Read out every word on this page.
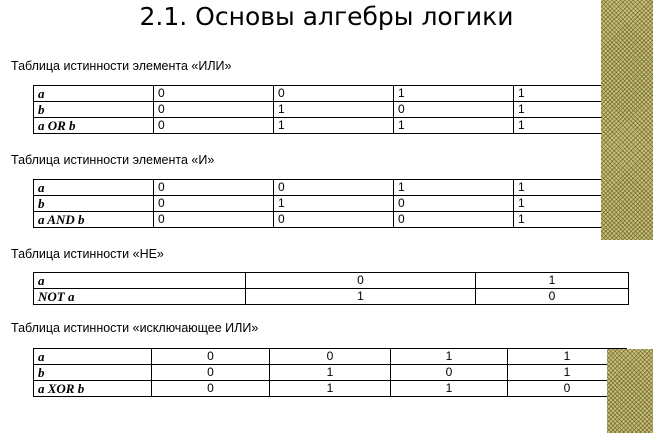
2.1. Основы алгебры логики
Таблица истинности элемента «ИЛИ»
a	0	0	1	1
b	0	1	0	1
a OR b	0	1	1	1
Таблица истинности элемента «И»
a	0	0	1	1
b	0	1	0	1
a AND b	0	0	0	1
Таблица истинности «НЕ»
a	0	1
NOT a	1	0
Таблица истинности «исключающее ИЛИ»
a	0	0	1	1
b	0	1	0	1
a XOR b	0	1	1	0
